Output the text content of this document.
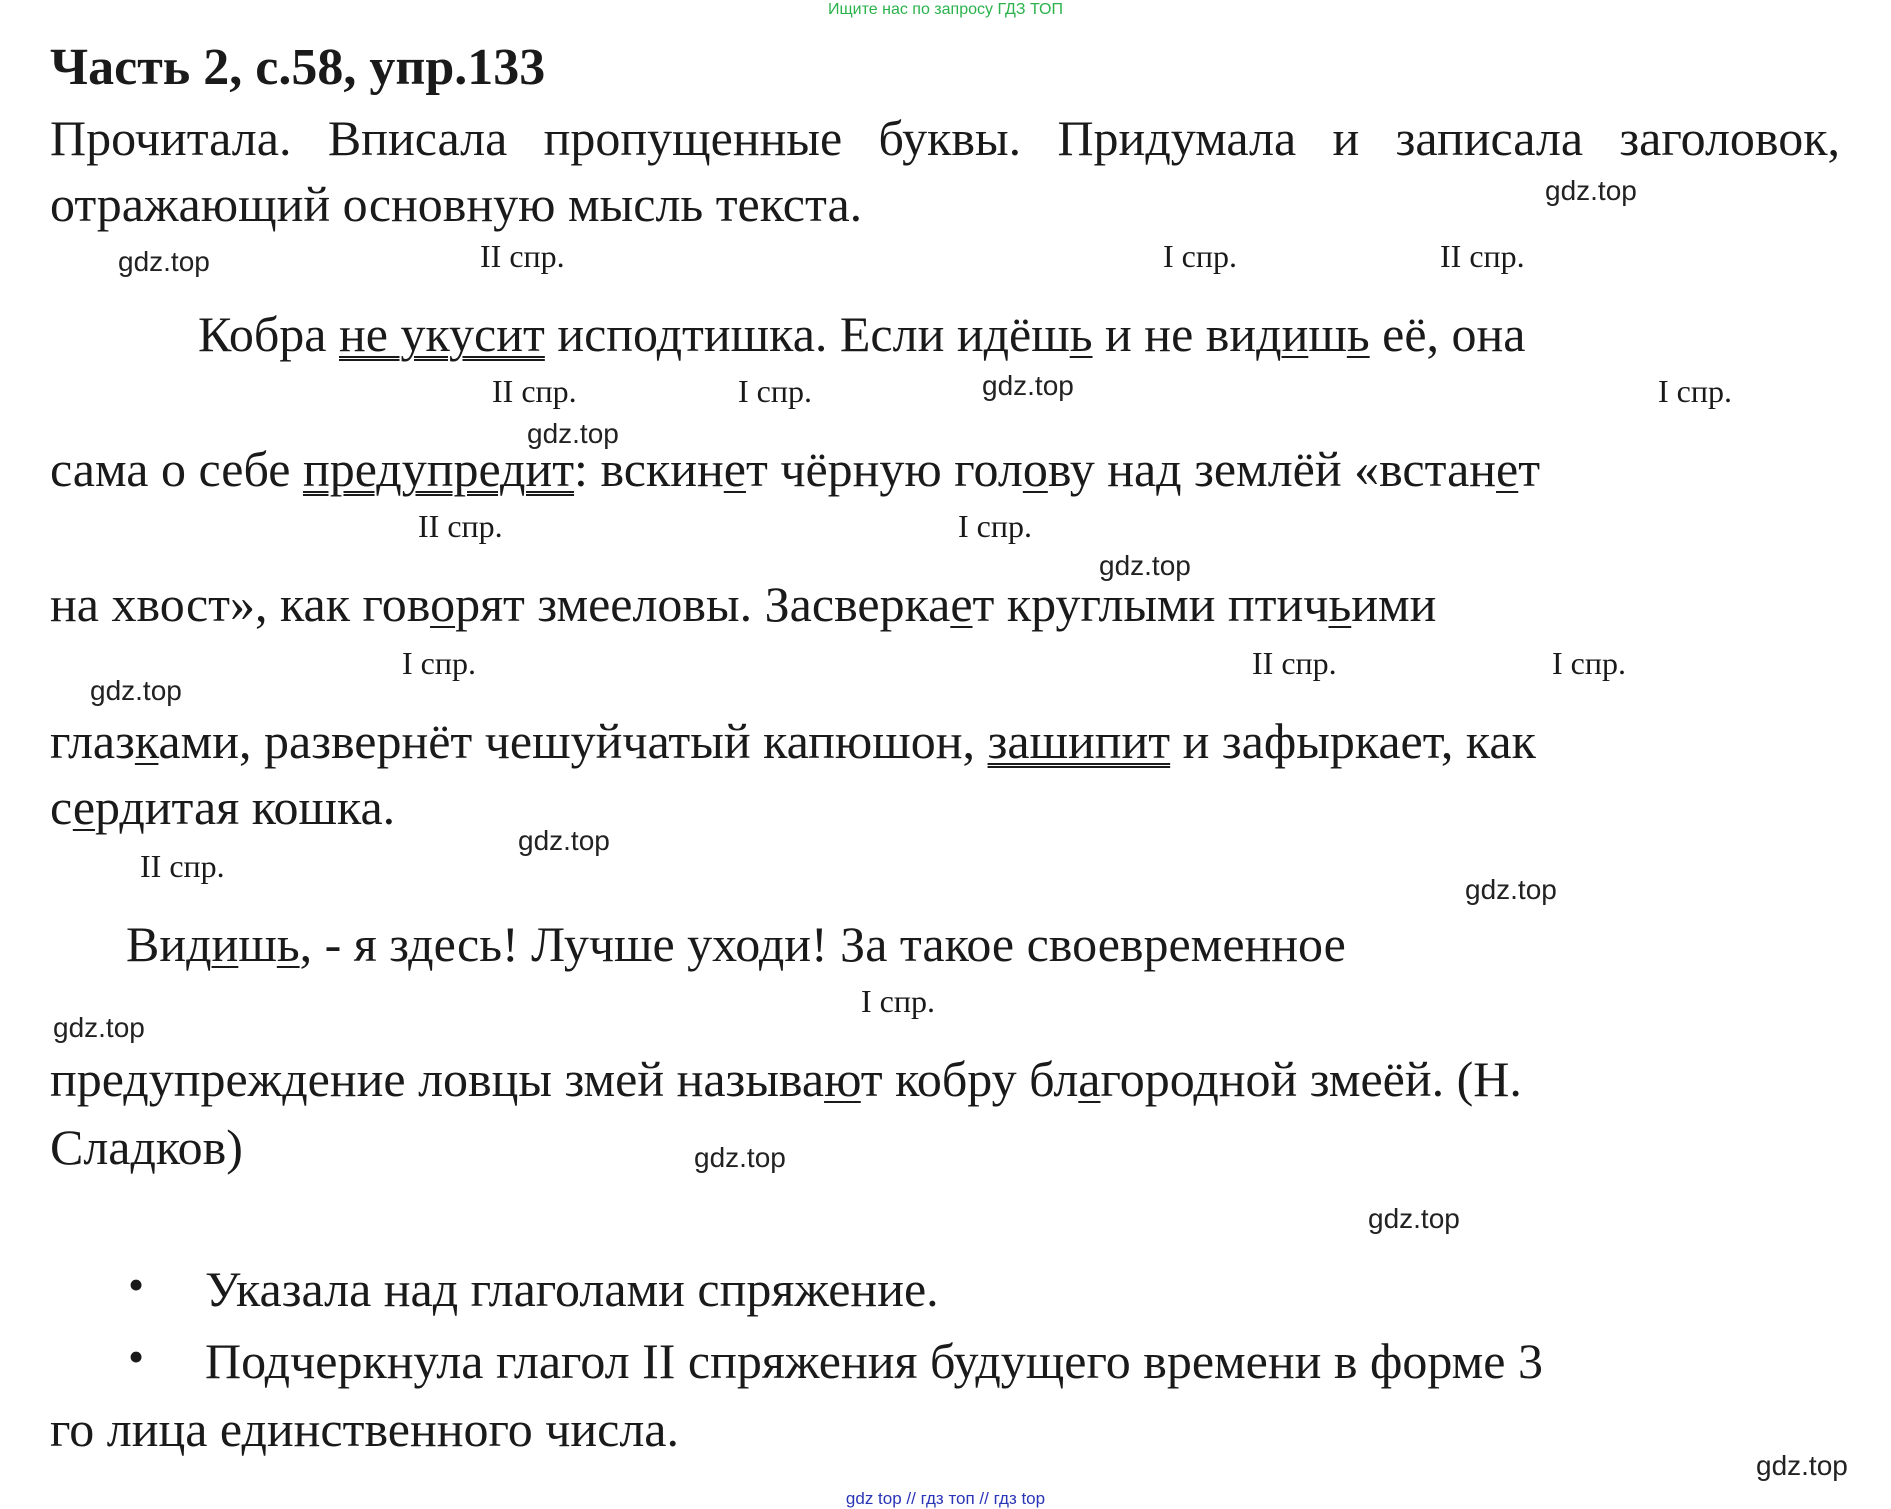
Ищите нас по запросу ГДЗ ТОП
Часть 2, с.58, упр.133

Прочитала. Вписала пропущенные буквы. Придумала и записала заголовок, отражающий основную мысль текста.

II спр.	I спр.	II спр.
Кобра не укусит исподтишка. Если идёшь и не видишь её, она
II спр.	I спр.	I спр.
сама о себе предупредит: вскинет чёрную голову над землёй «встанет
II спр.	I спр.
на хвост», как говорят змееловы. Засверкает круглыми птичьими
I спр.	II спр.	I спр.
глазками, развернёт чешуйчатый капюшон, зашипит и зафыркает, как
сердитая кошка.
II спр.
Видишь, - я здесь! Лучше уходи! За такое своевременное
I спр.
предупреждение ловцы змей называют кобру благородной змеёй. (Н.
Сладков)
• Указала над глаголами спряжение.
• Подчеркнула глагол II спряжения будущего времени в форме 3
го лица единственного числа.
gdz.top
gdz.top
gdz.top
gdz.top
gdz.top
gdz.top
gdz.top
gdz.top
gdz.top
gdz.top
gdz.top
gdz.top
gdz top // гдз топ // гдз top
